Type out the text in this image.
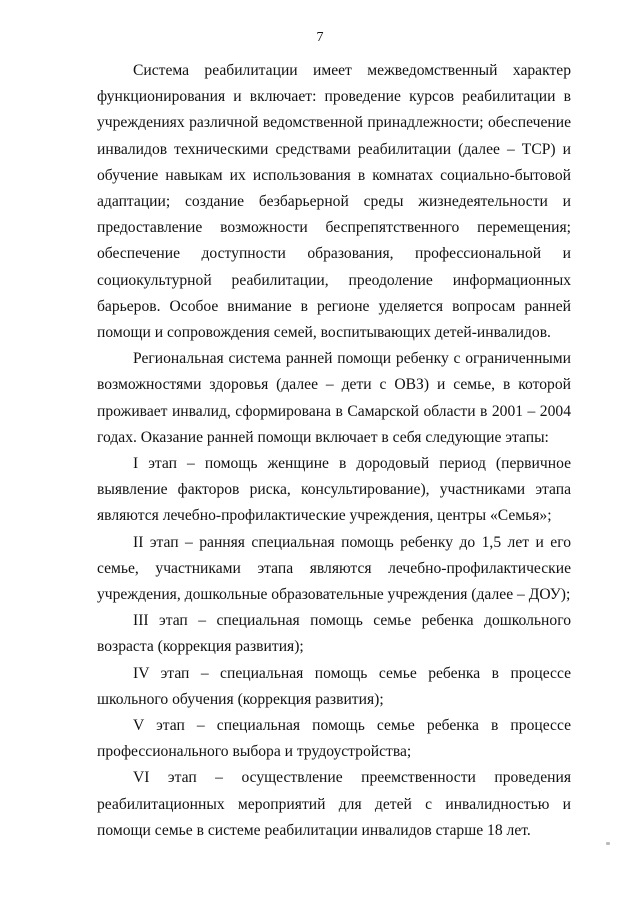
7

Система реабилитации имеет межведомственный характер функционирования и включает: проведение курсов реабилитации в учреждениях различной ведомственной принадлежности; обеспечение инвалидов техническими средствами реабилитации (далее – ТСР) и обучение навыкам их использования в комнатах социально-бытовой адаптации; создание безбарьерной среды жизнедеятельности и предоставление возможности беспрепятственного перемещения; обеспечение доступности образования, профессиональной и социокультурной реабилитации, преодоление информационных барьеров. Особое внимание в регионе уделяется вопросам ранней помощи и сопровождения семей, воспитывающих детей-инвалидов.

Региональная система ранней помощи ребенку с ограниченными возможностями здоровья (далее – дети с ОВЗ) и семье, в которой проживает инвалид, сформирована в Самарской области в 2001 – 2004 годах. Оказание ранней помощи включает в себя следующие этапы:

I этап – помощь женщине в дородовый период (первичное выявление факторов риска, консультирование), участниками этапа являются лечебно-профилактические учреждения, центры «Семья»;

II этап – ранняя специальная помощь ребенку до 1,5 лет и его семье, участниками этапа являются лечебно-профилактические учреждения, дошкольные образовательные учреждения (далее – ДОУ);

III этап – специальная помощь семье ребенка дошкольного возраста (коррекция развития);

IV этап – специальная помощь семье ребенка в процессе школьного обучения (коррекция развития);

V этап – специальная помощь семье ребенка в процессе профессионального выбора и трудоустройства;

VI этап – осуществление преемственности проведения реабилитационных мероприятий для детей с инвалидностью и помощи семье в системе реабилитации инвалидов старше 18 лет.
